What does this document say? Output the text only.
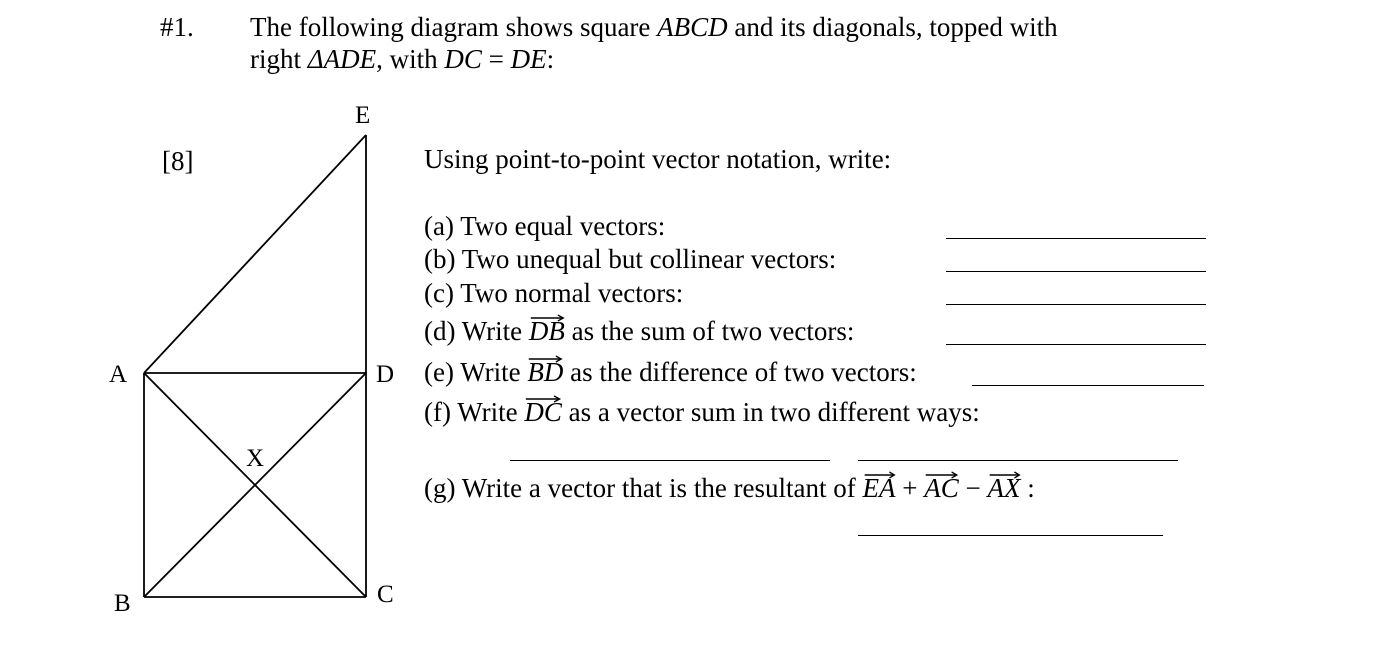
#1. The following diagram shows square ABCD and its diagonals, topped with
right ΔADE, with DC = DE:
[8]
E
A	D
X
B	C
Using point-to-point vector notation, write:
(a) Two equal vectors:
(b) Two unequal but collinear vectors:
(c) Two normal vectors:
(d) Write
DB as the sum of two vectors:
(e) Write
BD as the difference of two vectors:
(f) Write
DC as a vector sum in two different ways:
(g) Write a vector that is the resultant of
EA +
AC −
AX :
